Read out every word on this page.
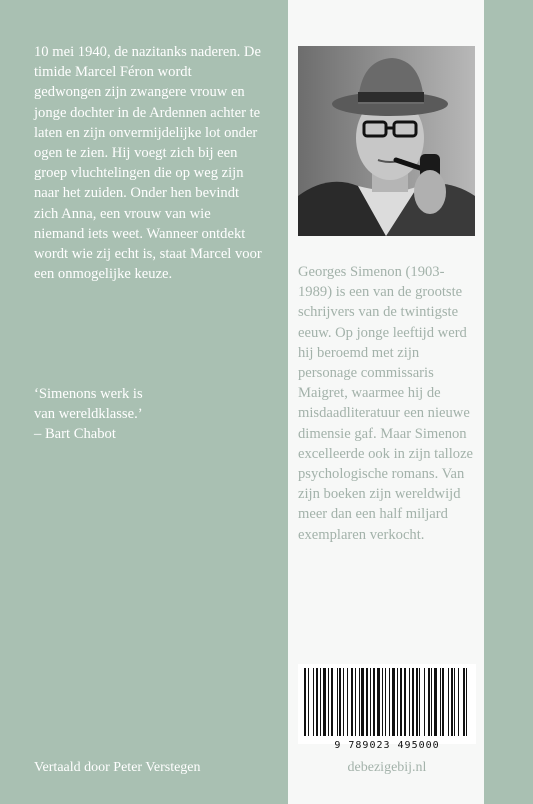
10 mei 1940, de nazitanks naderen. De timide Marcel Féron wordt gedwongen zijn zwangere vrouw en jonge dochter in de Ardennen achter te laten en zijn onvermijdelijke lot onder ogen te zien. Hij voegt zich bij een groep vluchtelingen die op weg zijn naar het zuiden. Onder hen bevindt zich Anna, een vrouw van wie niemand iets weet. Wanneer ontdekt wordt wie zij echt is, staat Marcel voor een onmogelijke keuze.

‘Simenons werk is
van wereldklasse.’
– Bart Chabot
Vertaald door Peter Verstegen
Georges Simenon (1903-1989) is een van de grootste schrijvers van de twintigste eeuw. Op jonge leeftijd werd hij beroemd met zijn personage commissaris Maigret, waarmee hij de misdaadliteratuur een nieuwe dimensie gaf. Maar Simenon excelleerde ook in zijn talloze psychologische romans. Van zijn boeken zijn wereldwijd meer dan een half miljard exemplaren verkocht.
9 789023 495000
debezigebij.nl
